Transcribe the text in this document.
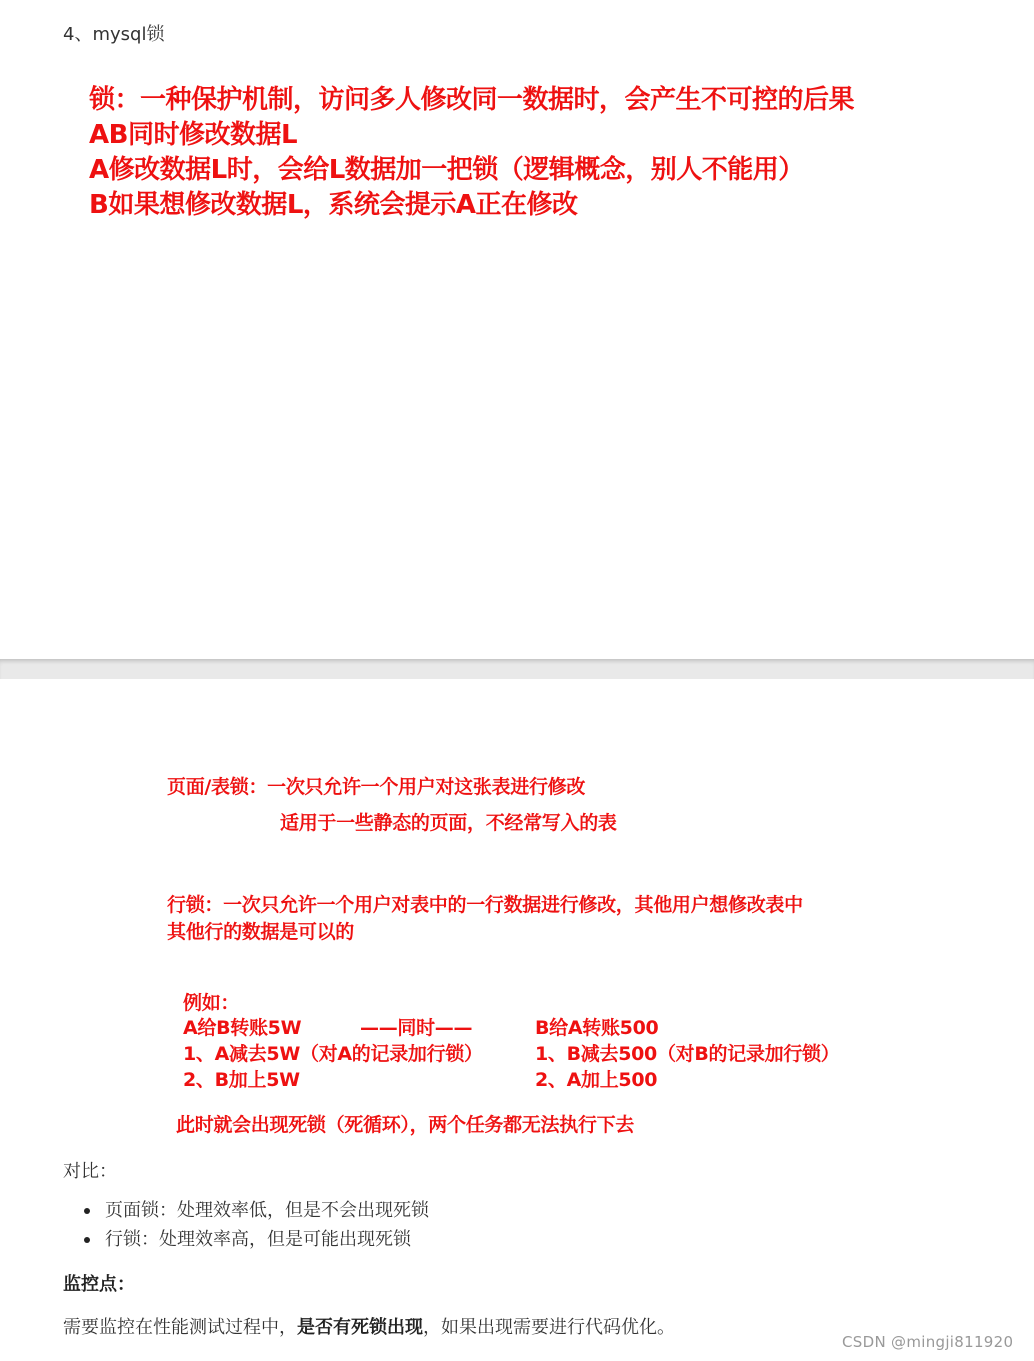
4、mysql锁
锁：一种保护机制，访问多人修改同一数据时，会产生不可控的后果
AB同时修改数据L
A修改数据L时，会给L数据加一把锁（逻辑概念，别人不能用）
B如果想修改数据L，系统会提示A正在修改
页面/表锁：一次只允许一个用户对这张表进行修改
适用于一些静态的页面，不经常写入的表
行锁：一次只允许一个用户对表中的一行数据进行修改，其他用户想修改表中
其他行的数据是可以的
例如：
A给B转账5W
1、A减去5W（对A的记录加行锁）
2、B加上5W
——同时——	B给A转账500
1、B减去500（对B的记录加行锁）
2、A加上500
此时就会出现死锁（死循环），两个任务都无法执行下去
对比：
页面锁：处理效率低，但是不会出现死锁
行锁：处理效率高，但是可能出现死锁
监控点：
需要监控在性能测试过程中，是否有死锁出现，如果出现需要进行代码优化。
CSDN @mingji811920
